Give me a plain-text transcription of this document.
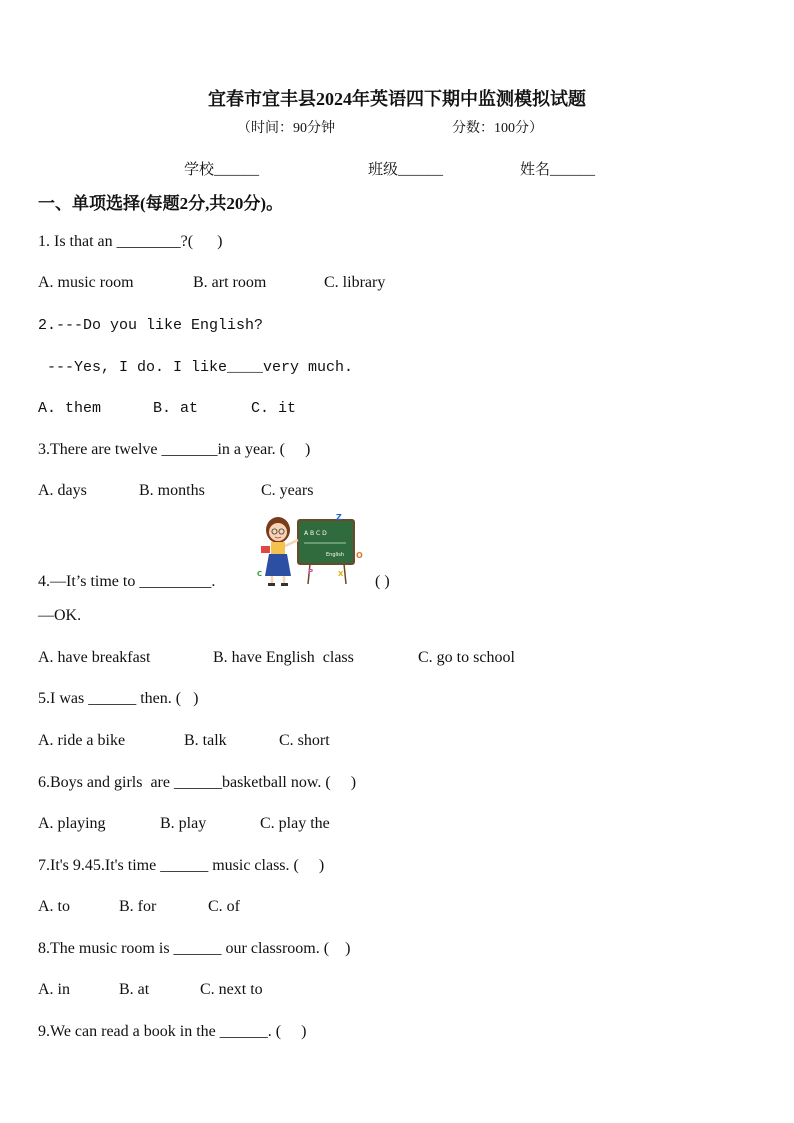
宜春市宜丰县2024年英语四下期中监测模拟试题
（时间：90分钟	分数：100分）
学校______	班级______	姓名______
一、单项选择(每题2分,共20分)。
1. Is that an ________?(      )
A. music room	B. art room	C. library
2.---Do you like English?
---Yes, I do. I like____very much.
A. them	B. at	C. it
3.There are twelve _______in a year. (     )
A. days	B. months	C. years
4.—It’s time to _________.
A B C D
English
Z
O
X
P
C	( )
—OK.
A. have breakfast	B. have English  class	C. go to school
5.I was ______ then. (   )
A. ride a bike	B. talk	C. short
6.Boys and girls  are ______basketball now. (     )
A. playing	B. play	C. play the
7.It's 9.45.It's time ______ music class. (     )
A. to	B. for	C. of
8.The music room is ______ our classroom. (    )
A. in	B. at	C. next to
9.We can read a book in the ______. (     )
